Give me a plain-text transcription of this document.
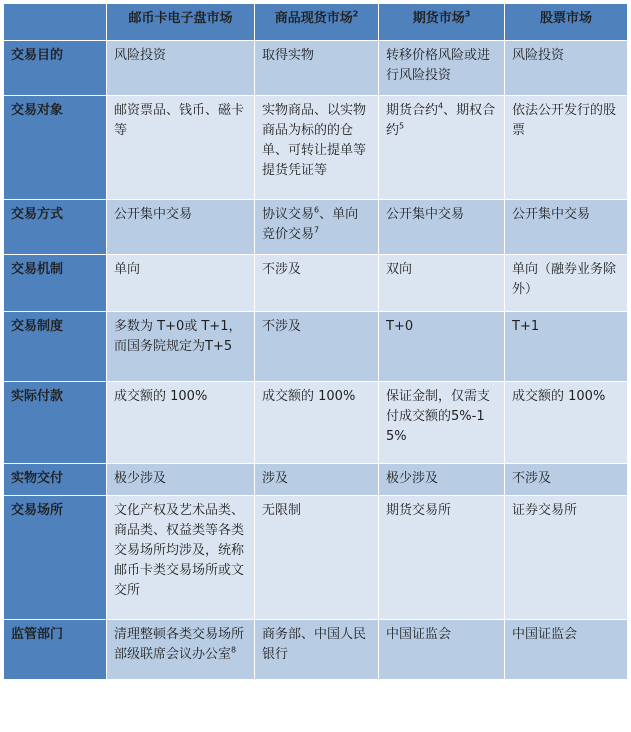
	邮币卡电子盘市场	商品现货市场$^2$	期货市场$^3$	股票市场
交易目的	风险投资	取得实物	转移价格风险或进行风险投资	风险投资
交易对象	邮资票品、钱币、磁卡等	实物商品、以实物商品为标的的仓单、可转让提单等提货凭证等	期货合约$^4$、期权合约$^5$	依法公开发行的股票
交易方式	公开集中交易	协议交易$^6$、单向竞价交易$^7$	公开集中交易	公开集中交易
交易机制	单向	不涉及	双向	单向（融券业务除外）
交易制度	多数为 T+0或 T+1，而国务院规定为T+5	不涉及	T+0	T+1
实际付款	成交额的 100%	成交额的 100%	保证金制，仅需支付成交额的5%-15%	成交额的 100%
实物交付	极少涉及	涉及	极少涉及	不涉及
交易场所	文化产权及艺术品类、商品类、权益类等各类交易场所均涉及，统称邮币卡类交易场所或文交所	无限制	期货交易所	证券交易所
监管部门	清理整顿各类交易场所部级联席会议办公室$^8$	商务部、中国人民银行	中国证监会	中国证监会
